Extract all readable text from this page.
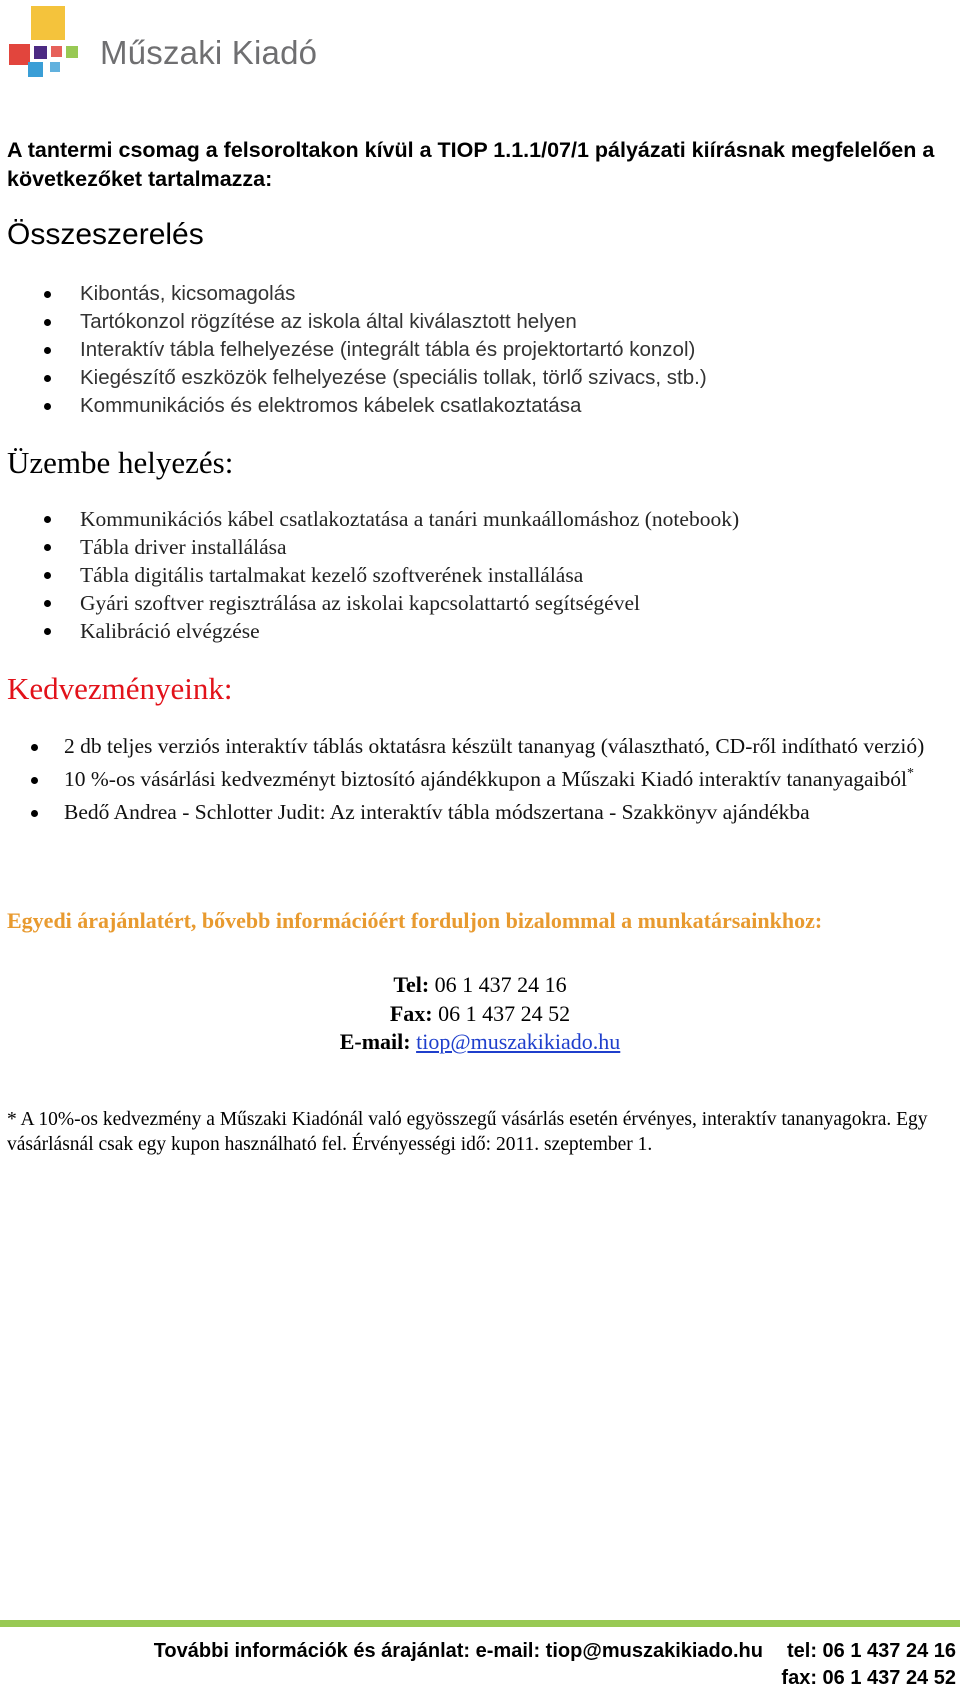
Műszaki Kiadó
A tantermi csomag a felsoroltakon kívül a TIOP 1.1.1/07/1 pályázati kiírásnak megfelelően a következőket tartalmazza:
Összeszerelés
Kibontás, kicsomagolás
Tartókonzol rögzítése az iskola által kiválasztott helyen
Interaktív tábla felhelyezése (integrált tábla és projektortartó konzol)
Kiegészítő eszközök felhelyezése (speciális tollak, törlő szivacs, stb.)
Kommunikációs és elektromos kábelek csatlakoztatása
Üzembe helyezés:
Kommunikációs kábel csatlakoztatása a tanári munkaállomáshoz (notebook)
Tábla driver installálása
Tábla digitális tartalmakat kezelő szoftverének installálása
Gyári szoftver regisztrálása az iskolai kapcsolattartó segítségével
Kalibráció elvégzése
Kedvezményeink:
2 db teljes verziós interaktív táblás oktatásra készült tananyag (választható, CD-ről indítható verzió)
10 %-os vásárlási kedvezményt biztosító ajándékkupon a Műszaki Kiadó interaktív tananyagaiból*
Bedő Andrea - Schlotter Judit: Az interaktív tábla módszertana - Szakkönyv ajándékba
Egyedi árajánlatért, bővebb információért forduljon bizalommal a munkatársainkhoz:
Tel: 06 1 437 24 16
Fax: 06 1 437 24 52
E-mail: tiop@muszakikiado.hu
* A 10%-os kedvezmény a Műszaki Kiadónál való egyösszegű vásárlás esetén érvényes, interaktív tananyagokra. Egy vásárlásnál csak egy kupon használható fel. Érvényességi idő: 2011. szeptember 1.
További információk és árajánlat: e-mail: tiop@muszakikiado.hu tel: 06 1 437 24 16
fax: 06 1 437 24 52
